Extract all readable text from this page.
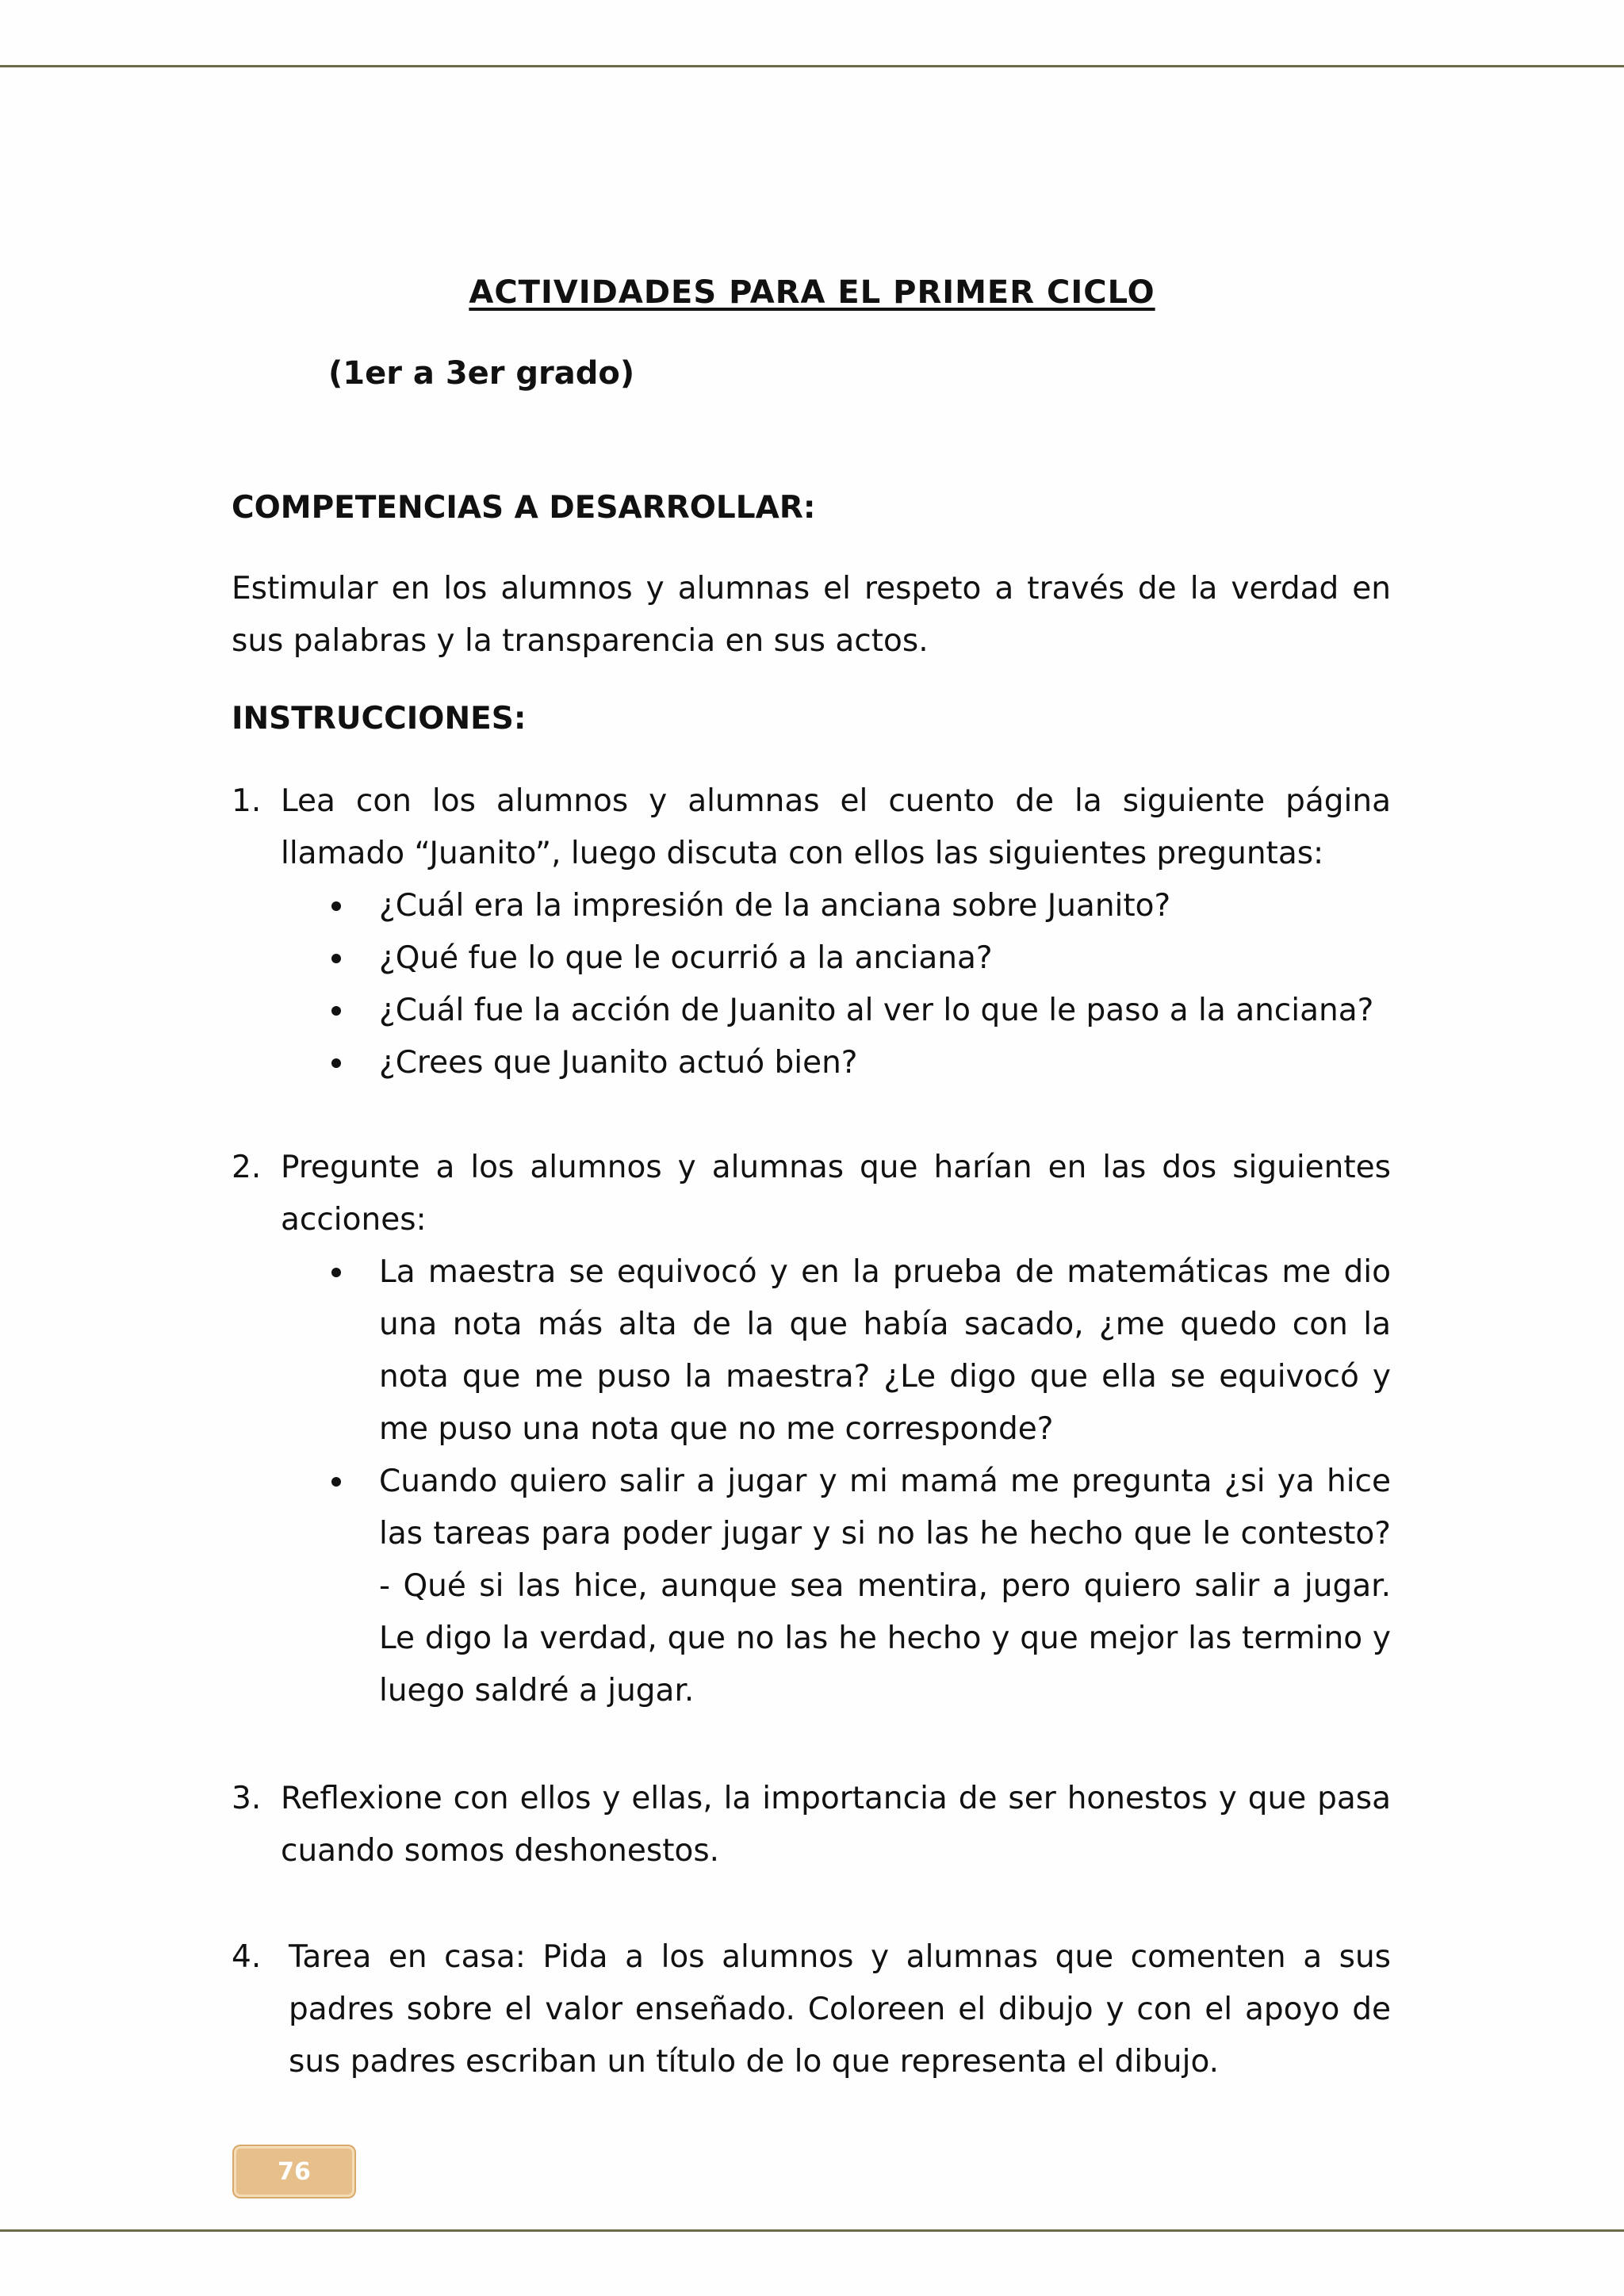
ACTIVIDADES PARA EL PRIMER CICLO
(1er a 3er grado)
COMPETENCIAS A DESARROLLAR:
Estimular en los alumnos y alumnas el respeto a través de la verdad en sus palabras y la transparencia en sus actos.
INSTRUCCIONES:
1. Lea con los alumnos y alumnas el cuento de la siguiente página llamado “Juanito”, luego discuta con ellos las siguientes preguntas:
¿Cuál era la impresión de la anciana sobre Juanito?
¿Qué fue lo que le ocurrió a la anciana?
¿Cuál fue la acción de Juanito al ver lo que le paso a la anciana?
¿Crees que Juanito actuó bien?
2. Pregunte a los alumnos y alumnas que harían en las dos siguientes acciones:
La maestra se equivocó y en la prueba de matemáticas me dio una nota más alta de la que había sacado, ¿me quedo con la nota que me puso la maestra? ¿Le digo que ella se equivocó y me puso una nota que no me corresponde?
Cuando quiero salir a jugar y mi mamá me pregunta ¿si ya hice las tareas para poder jugar y si no las he hecho que le contesto? - Qué si las hice, aunque sea mentira, pero quiero salir a jugar. Le digo la verdad, que no las he hecho y que mejor las termino y luego saldré a jugar.
3. Reflexione con ellos y ellas, la importancia de ser honestos y que pasa cuando somos deshonestos.
4. Tarea en casa: Pida a los alumnos y alumnas que comenten a sus padres sobre el valor enseñado. Coloreen el dibujo y con el apoyo de sus padres escriban un título de lo que representa el dibujo.
76
